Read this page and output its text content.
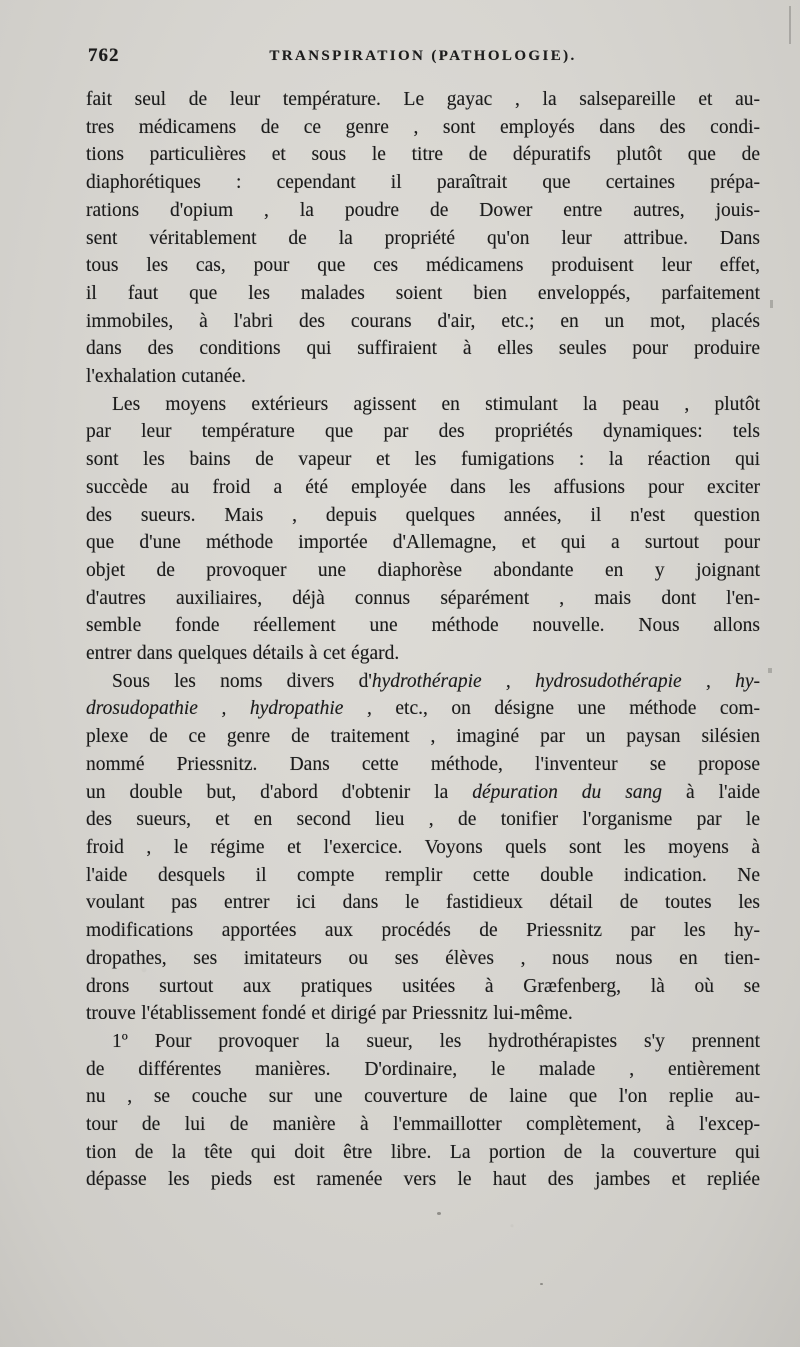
762	TRANSPIRATION (PATHOLOGIE).
fait seul de leur température. Le gayac , la salsepareille et au-
tres médicamens de ce genre , sont employés dans des condi-
tions particulières et sous le titre de dépuratifs plutôt que de
diaphorétiques : cependant il paraîtrait que certaines prépa-
rations d'opium , la poudre de Dower entre autres, jouis-
sent véritablement de la propriété qu'on leur attribue. Dans
tous les cas, pour que ces médicamens produisent leur effet,
il faut que les malades soient bien enveloppés, parfaitement
immobiles, à l'abri des courans d'air, etc.; en un mot, placés
dans des conditions qui suffiraient à elles seules pour produire
l'exhalation cutanée.
Les moyens extérieurs agissent en stimulant la peau , plutôt
par leur température que par des propriétés dynamiques: tels
sont les bains de vapeur et les fumigations : la réaction qui
succède au froid a été employée dans les affusions pour exciter
des sueurs. Mais , depuis quelques années, il n'est question
que d'une méthode importée d'Allemagne, et qui a surtout pour
objet de provoquer une diaphorèse abondante en y joignant
d'autres auxiliaires, déjà connus séparément , mais dont l'en-
semble fonde réellement une méthode nouvelle. Nous allons
entrer dans quelques détails à cet égard.
Sous les noms divers d'hydrothérapie , hydrosudothérapie , hy-
drosudopathie , hydropathie , etc., on désigne une méthode com-
plexe de ce genre de traitement , imaginé par un paysan silésien
nommé Priessnitz. Dans cette méthode, l'inventeur se propose
un double but, d'abord d'obtenir la dépuration du sang à l'aide
des sueurs, et en second lieu , de tonifier l'organisme par le
froid , le régime et l'exercice. Voyons quels sont les moyens à
l'aide desquels il compte remplir cette double indication. Ne
voulant pas entrer ici dans le fastidieux détail de toutes les
modifications apportées aux procédés de Priessnitz par les hy-
dropathes, ses imitateurs ou ses élèves , nous nous en tien-
drons surtout aux pratiques usitées à Græfenberg, là où se
trouve l'établissement fondé et dirigé par Priessnitz lui-même.
1º Pour provoquer la sueur, les hydrothérapistes s'y prennent
de différentes manières. D'ordinaire, le malade , entièrement
nu , se couche sur une couverture de laine que l'on replie au-
tour de lui de manière à l'emmaillotter complètement, à l'excep-
tion de la tête qui doit être libre. La portion de la couverture qui
dépasse les pieds est ramenée vers le haut des jambes et repliée
